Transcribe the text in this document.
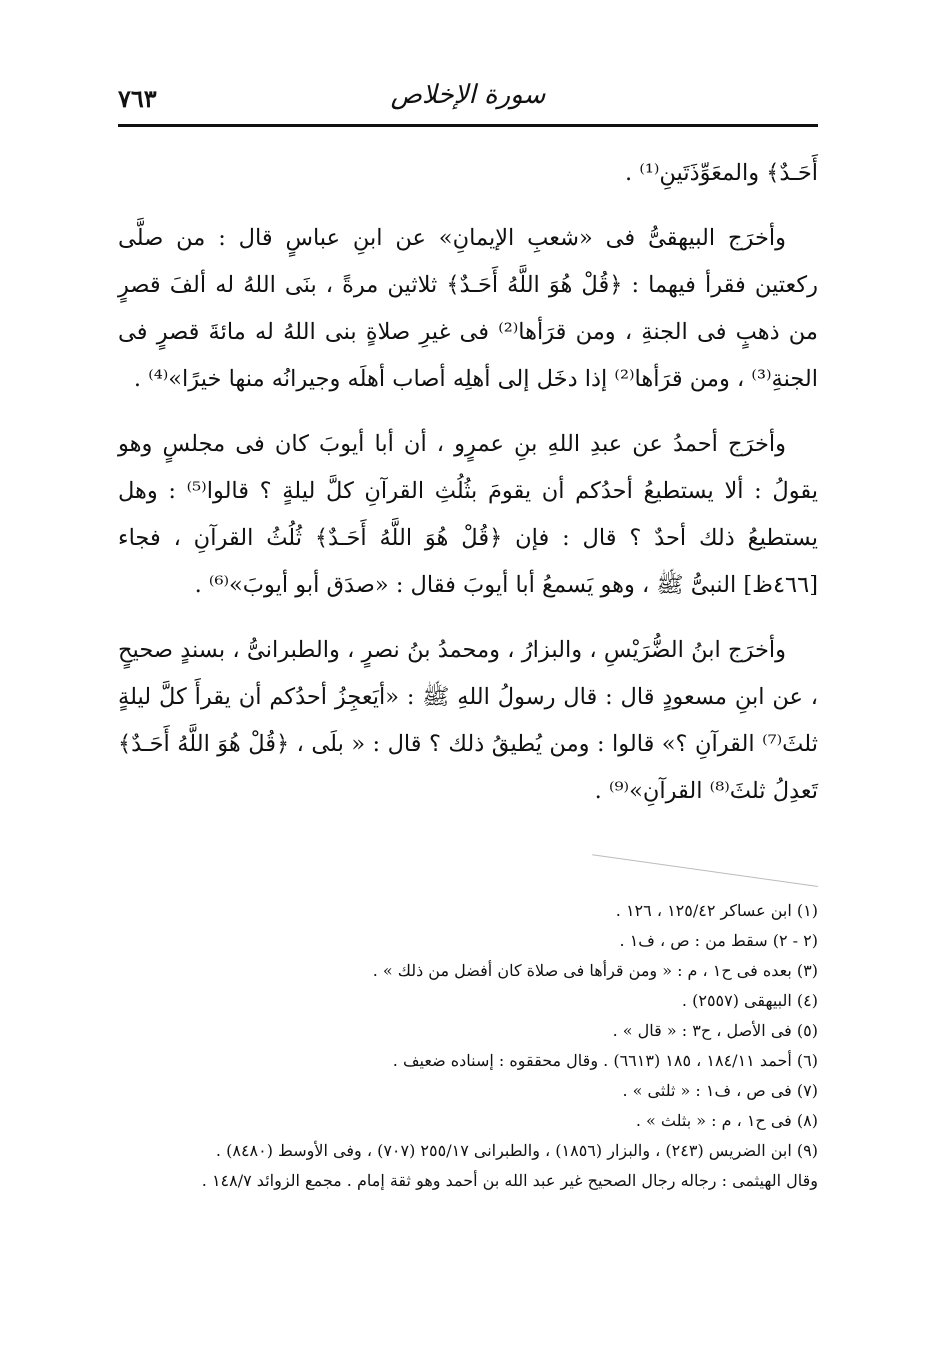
٧٦٣	سورة الإخلاص

أَحَـدٌ﴾ والمعَوِّذَتَينِ⁽¹⁾ .

وأخرَج البيهقىُّ فى «شعبِ الإيمانِ» عن ابنِ عباسٍ قال : من صلَّى ركعتين فقرأ فيهما : ﴿قُلْ هُوَ اللَّهُ أَحَـدٌ﴾ ثلاثين مرةً ، بنَى اللهُ له ألفَ قصرٍ من ذهبٍ فى الجنةِ ، ومن قرَأها⁽²⁾ فى غيرِ صلاةٍ بنى اللهُ له مائةَ قصرٍ فى الجنةِ⁽³⁾ ، ومن قرَأها⁽²⁾ إذا دخَل إلى أهلِه أصاب أهلَه وجيرانُه منها خيرًا»⁽⁴⁾ .

وأخرَج أحمدُ عن عبدِ اللهِ بنِ عمرٍو ، أن أبا أيوبَ كان فى مجلسٍ وهو يقولُ : ألا يستطيعُ أحدُكم أن يقومَ بثُلُثِ القرآنِ كلَّ ليلةٍ ؟ قالوا⁽⁵⁾ : وهل يستطيعُ ذلك أحدٌ ؟ قال : فإن ﴿قُلْ هُوَ اللَّهُ أَحَـدٌ﴾ ثُلُثُ القرآنِ ، فجاء [٤٦٦ظ] النبىُّ ﷺ ، وهو يَسمعُ أبا أيوبَ فقال : «صدَق أبو أيوبَ»⁽⁶⁾ .

وأخرَج ابنُ الضُّرَيْسِ ، والبزارُ ، ومحمدُ بنُ نصرٍ ، والطبرانىُّ ، بسندٍ صحيحٍ ، عن ابنِ مسعودٍ قال : قال رسولُ اللهِ ﷺ : «أيَعجِزُ أحدُكم أن يقرأَ كلَّ ليلةٍ ثلثَ⁽⁷⁾ القرآنِ ؟» قالوا : ومن يُطيقُ ذلك ؟ قال : « بلَى ، ﴿قُلْ هُوَ اللَّهُ أَحَـدٌ﴾ تَعدِلُ ثلثَ⁽⁸⁾ القرآنِ»⁽⁹⁾ .

(١) ابن عساكر ١٢٥/٤٢ ، ١٢٦ .

(٢ - ٢) سقط من : ص ، ف١ .

(٣) بعده فى ح١ ، م : « ومن قرأها فى صلاة كان أفضل من ذلك » .

(٤) البيهقى (٢٥٥٧) .

(٥) فى الأصل ، ح٣ : « قال » .

(٦) أحمد ١٨٤/١١ ، ١٨٥ (٦٦١٣) . وقال محققوه : إسناده ضعيف .

(٧) فى ص ، ف١ : « ثلثى » .

(٨) فى ح١ ، م : « بثلث » .

(٩) ابن الضريس (٢٤٣) ، والبزار (١٨٥٦) ، والطبرانى ٢٥٥/١٧ (٧٠٧) ، وفى الأوسط (٨٤٨٠) .

وقال الهيثمى : رجاله رجال الصحيح غير عبد الله بن أحمد وهو ثقة إمام . مجمع الزوائد ١٤٨/٧ .
